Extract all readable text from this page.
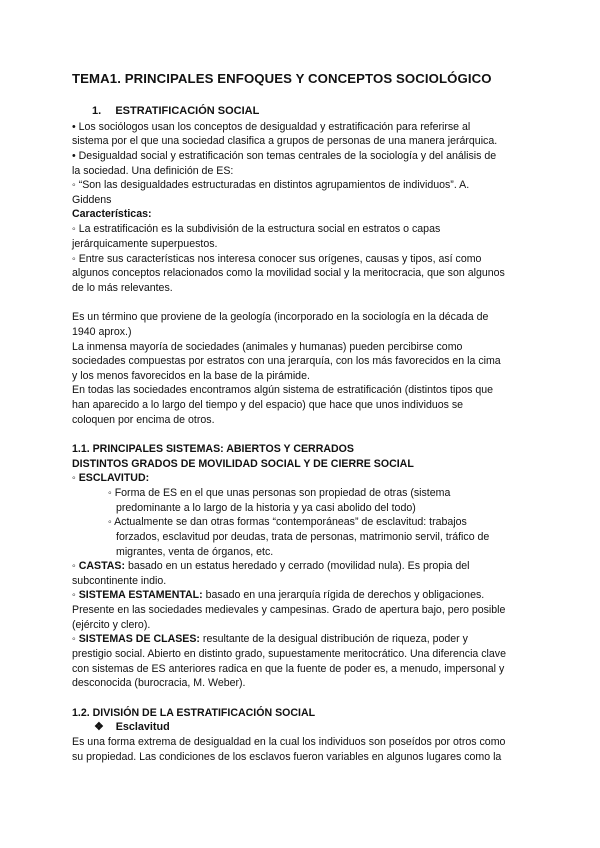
TEMA1. PRINCIPALES ENFOQUES Y CONCEPTOS SOCIOLÓGICO
1. ESTRATIFICACIÓN SOCIAL
• Los sociólogos usan los conceptos de desigualdad y estratificación para referirse al
sistema por el que una sociedad clasifica a grupos de personas de una manera jerárquica.
• Desigualdad social y estratificación son temas centrales de la sociología y del análisis de
la sociedad. Una definición de ES:
◦ “Son las desigualdades estructuradas en distintos agrupamientos de individuos”. A.
Giddens
Características:
◦ La estratificación es la subdivisión de la estructura social en estratos o capas
jerárquicamente superpuestos.
◦ Entre sus características nos interesa conocer sus orígenes, causas y tipos, así como
algunos conceptos relacionados como la movilidad social y la meritocracia, que son algunos
de lo más relevantes.
Es un término que proviene de la geología (incorporado en la sociología en la década de
1940 aprox.)
La inmensa mayoría de sociedades (animales y humanas) pueden percibirse como
sociedades compuestas por estratos con una jerarquía, con los más favorecidos en la cima
y los menos favorecidos en la base de la pirámide.
En todas las sociedades encontramos algún sistema de estratificación (distintos tipos que
han aparecido a lo largo del tiempo y del espacio) que hace que unos individuos se
coloquen por encima de otros.
1.1. PRINCIPALES SISTEMAS: ABIERTOS Y CERRADOS
DISTINTOS GRADOS DE MOVILIDAD SOCIAL Y DE CIERRE SOCIAL
◦ ESCLAVITUD:
◦ Forma de ES en el que unas personas son propiedad de otras (sistema
predominante a lo largo de la historia y ya casi abolido del todo)
◦ Actualmente se dan otras formas “contemporáneas” de esclavitud: trabajos
forzados, esclavitud por deudas, trata de personas, matrimonio servil, tráfico de
migrantes, venta de órganos, etc.
◦ CASTAS: basado en un estatus heredado y cerrado (movilidad nula). Es propia del
subcontinente indio.
◦ SISTEMA ESTAMENTAL: basado en una jerarquía rígida de derechos y obligaciones.
Presente en las sociedades medievales y campesinas. Grado de apertura bajo, pero posible
(ejército y clero).
◦ SISTEMAS DE CLASES: resultante de la desigual distribución de riqueza, poder y
prestigio social. Abierto en distinto grado, supuestamente meritocrático. Una diferencia clave
con sistemas de ES anteriores radica en que la fuente de poder es, a menudo, impersonal y
desconocida (burocracia, M. Weber).
1.2. DIVISIÓN DE LA ESTRATIFICACIÓN SOCIAL
❖ Esclavitud
Es una forma extrema de desigualdad en la cual los individuos son poseídos por otros como
su propiedad. Las condiciones de los esclavos fueron variables en algunos lugares como la
